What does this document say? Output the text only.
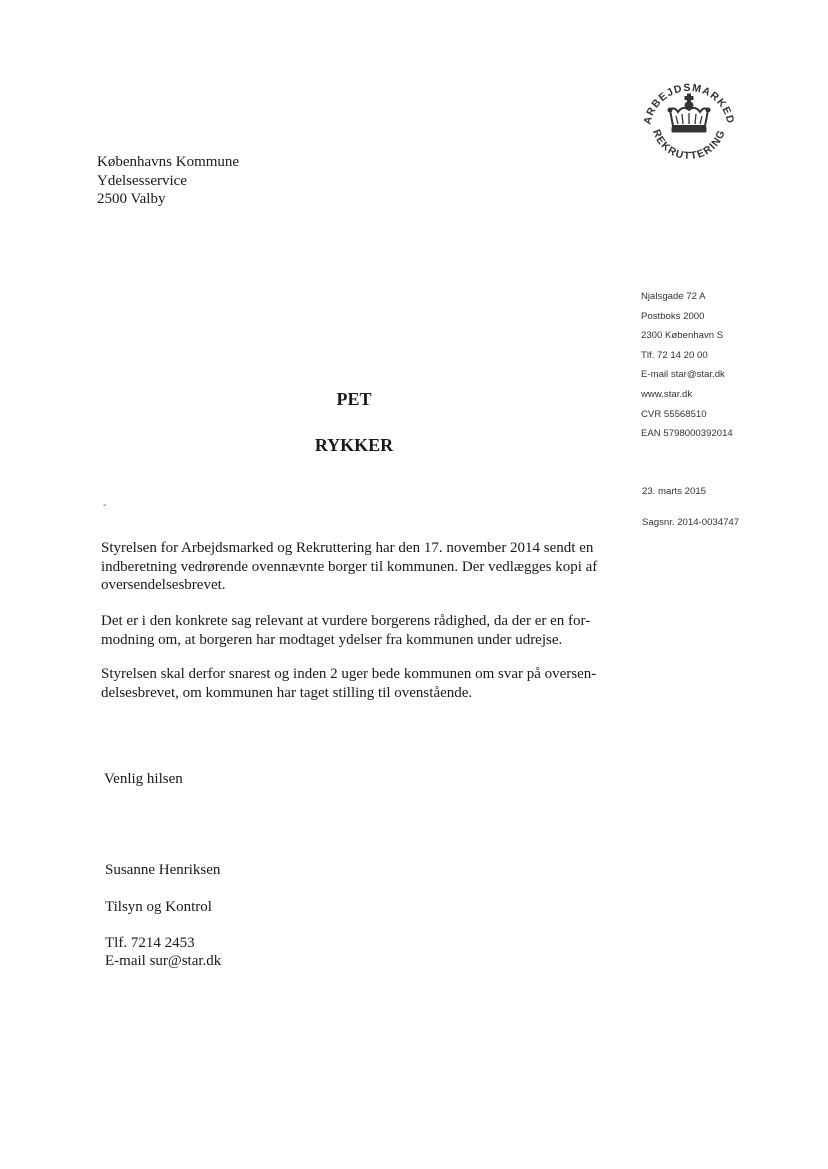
ARBEJDSMARKED
REKRUTTERING
Københavns Kommune
Ydelsesservice
2500 Valby
Njalsgade 72 A
Postboks 2000
2300 København S
Tlf. 72 14 20 00
E-mail star@star.dk
www.star.dk
CVR 55568510
EAN 5798000392014
23. marts 2015
Sagsnr. 2014-0034747
PET
RYKKER
-
Styrelsen for Arbejdsmarked og Rekruttering har den 17. november 2014 sendt en
indberetning vedrørende ovennævnte borger til kommunen. Der vedlægges kopi af
oversendelsesbrevet.
Det er i den konkrete sag relevant at vurdere borgerens rådighed, da der er en for-
modning om, at borgeren har modtaget ydelser fra kommunen under udrejse.
Styrelsen skal derfor snarest og inden 2 uger bede kommunen om svar på oversen-
delsesbrevet, om kommunen har taget stilling til ovenstående.
Venlig hilsen
Susanne Henriksen
Tilsyn og Kontrol
Tlf. 7214 2453
E-mail sur@star.dk
